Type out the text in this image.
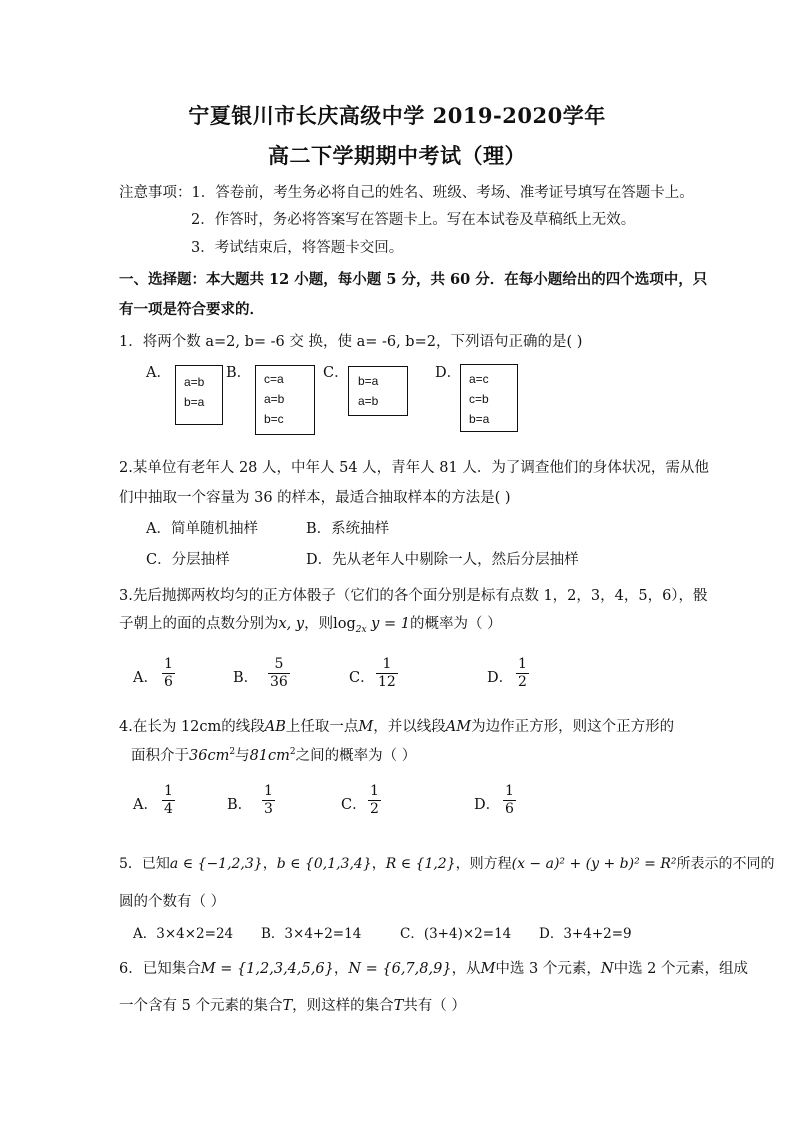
宁夏银川市长庆高级中学 2019-2020学年
高二下学期期中考试（理）
注意事项：1．答卷前，考生务必将自己的姓名、班级、考场、准考证号填写在答题卡上。
2．作答时，务必将答案写在答题卡上。写在本试卷及草稿纸上无效。
3．考试结束后，将答题卡交回。
一、选择题：本大题共 12 小题，每小题 5 分，共 60 分．在每小题给出的四个选项中，只
有一项是符合要求的．
1．将两个数 a=2, b= -6 交 换，使 a= -6, b=2，下列语句正确的是( )
A．
a=b
b=a
B． c=a
a=b
b=c
C． b=a
a=b
D． a=c
c=b
b=a
2.某单位有老年人 28 人，中年人 54 人，青年人 81 人．为了调查他们的身体状况，需从他
们中抽取一个容量为 36 的样本，最适合抽取样本的方法是( )
A．简单随机抽样	B．系统抽样
C．分层抽样	D．先从老年人中剔除一人，然后分层抽样
3.先后抛掷两枚均匀的正方体骰子（它们的各个面分别是标有点数 1，2，3，4，5，6），骰
子朝上的面的点数分别为x, y，则$\log_{2x} y = 1$的概率为（ ）
A．
1
6	B．
5
36	C．
1
12	D．
1
2
4.在长为 12cm的线段AB上任取一点M，并以线段AM为边作正方形，则这个正方形的
面积介于$36cm^2$与$81cm^2$之间的概率为（ ）
A．
1
4	B．
1
3	C．
1
2	D．
1
6
5．已知a ∈ {−1,2,3}，b ∈ {0,1,3,4}，R ∈ {1,2}，则方程(x − a)² + (y + b)² = R²所表示的不同的
圆的个数有（ ）
A．3×4×2=24 B．3×4+2=14	C．(3+4)×2=14 D．3+4+2=9
6．已知集合M = {1,2,3,4,5,6}，N = {6,7,8,9}，从M中选 3 个元素，N中选 2 个元素，组成
一个含有 5 个元素的集合T，则这样的集合T共有（ ）
